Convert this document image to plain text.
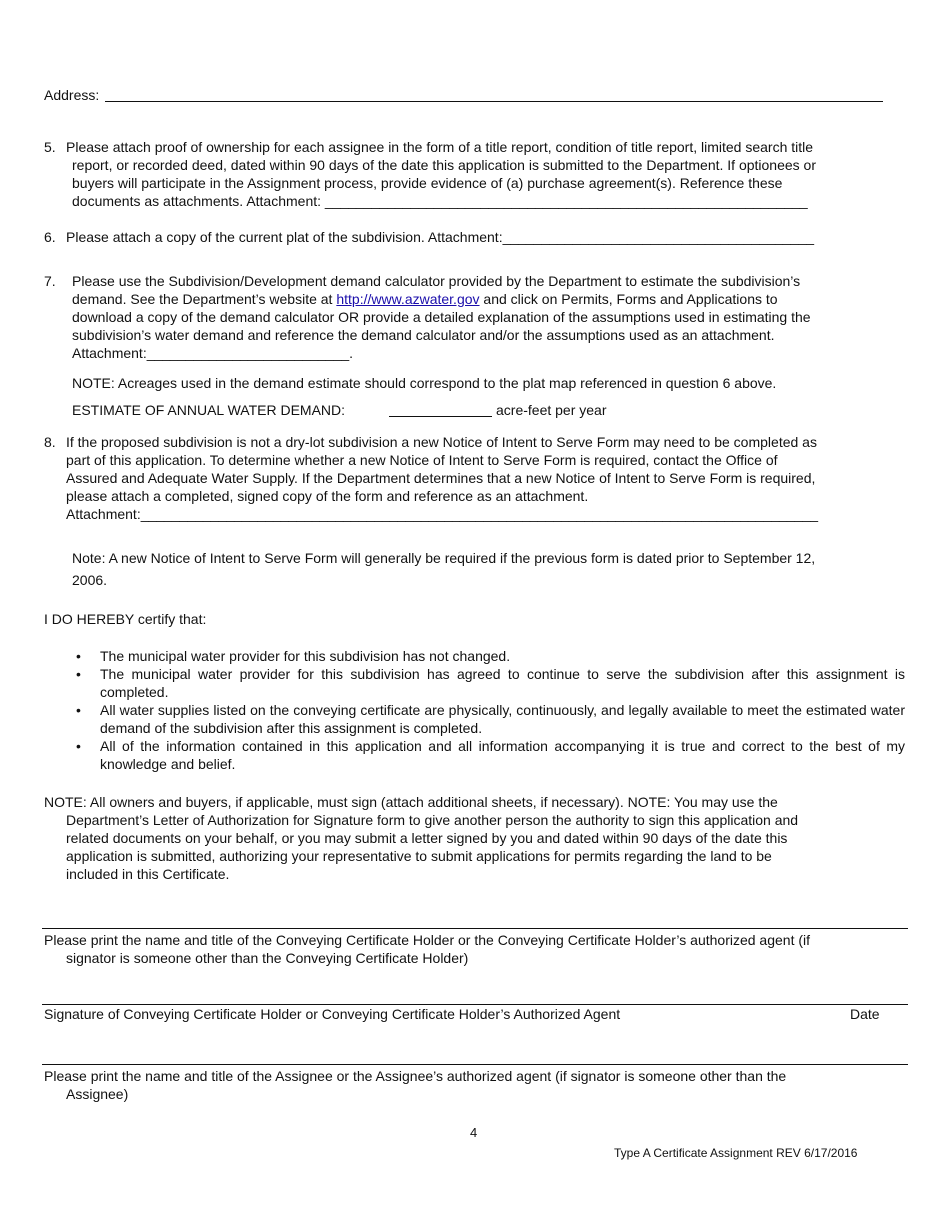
Address:
5. Please attach proof of ownership for each assignee in the form of a title report, condition of title report, limited search title
report, or recorded deed, dated within 90 days of the date this application is submitted to the Department. If optionees or
buyers will participate in the Assignment process, provide evidence of (a) purchase agreement(s). Reference these
documents as attachments. Attachment: ______________________________________________________________
6. Please attach a copy of the current plat of the subdivision. Attachment:________________________________________
7. Please use the Subdivision/Development demand calculator provided by the Department to estimate the subdivision’s
demand. See the Department’s website at http://www.azwater.gov and click on Permits, Forms and Applications to
download a copy of the demand calculator OR provide a detailed explanation of the assumptions used in estimating the
subdivision’s water demand and reference the demand calculator and/or the assumptions used as an attachment.
Attachment:__________________________.
NOTE: Acreages used in the demand estimate should correspond to the plat map referenced in question 6 above.
ESTIMATE OF ANNUAL WATER DEMAND:	acre-feet per year
8. If the proposed subdivision is not a dry-lot subdivision a new Notice of Intent to Serve Form may need to be completed as
part of this application. To determine whether a new Notice of Intent to Serve Form is required, contact the Office of
Assured and Adequate Water Supply. If the Department determines that a new Notice of Intent to Serve Form is required,
please attach a completed, signed copy of the form and reference as an attachment.
Attachment:_______________________________________________________________________________________
Note: A new Notice of Intent to Serve Form will generally be required if the previous form is dated prior to September 12,
2006.
I DO HEREBY certify that:
• The municipal water provider for this subdivision has not changed.
• The municipal water provider for this subdivision has agreed to continue to serve the subdivision after this assignment is completed.
• All water supplies listed on the conveying certificate are physically, continuously, and legally available to meet the estimated water demand of the subdivision after this assignment is completed.
• All of the information contained in this application and all information accompanying it is true and correct to the best of my knowledge and belief.
NOTE: All owners and buyers, if applicable, must sign (attach additional sheets, if necessary). NOTE: You may use the
Department’s Letter of Authorization for Signature form to give another person the authority to sign this application and
related documents on your behalf, or you may submit a letter signed by you and dated within 90 days of the date this
application is submitted, authorizing your representative to submit applications for permits regarding the land to be
included in this Certificate.
Please print the name and title of the Conveying Certificate Holder or the Conveying Certificate Holder’s authorized agent (if
signator is someone other than the Conveying Certificate Holder)
Signature of Conveying Certificate Holder or Conveying Certificate Holder’s Authorized Agent	Date
Please print the name and title of the Assignee or the Assignee’s authorized agent (if signator is someone other than the
Assignee)
4
Type A Certificate Assignment REV 6/17/2016
